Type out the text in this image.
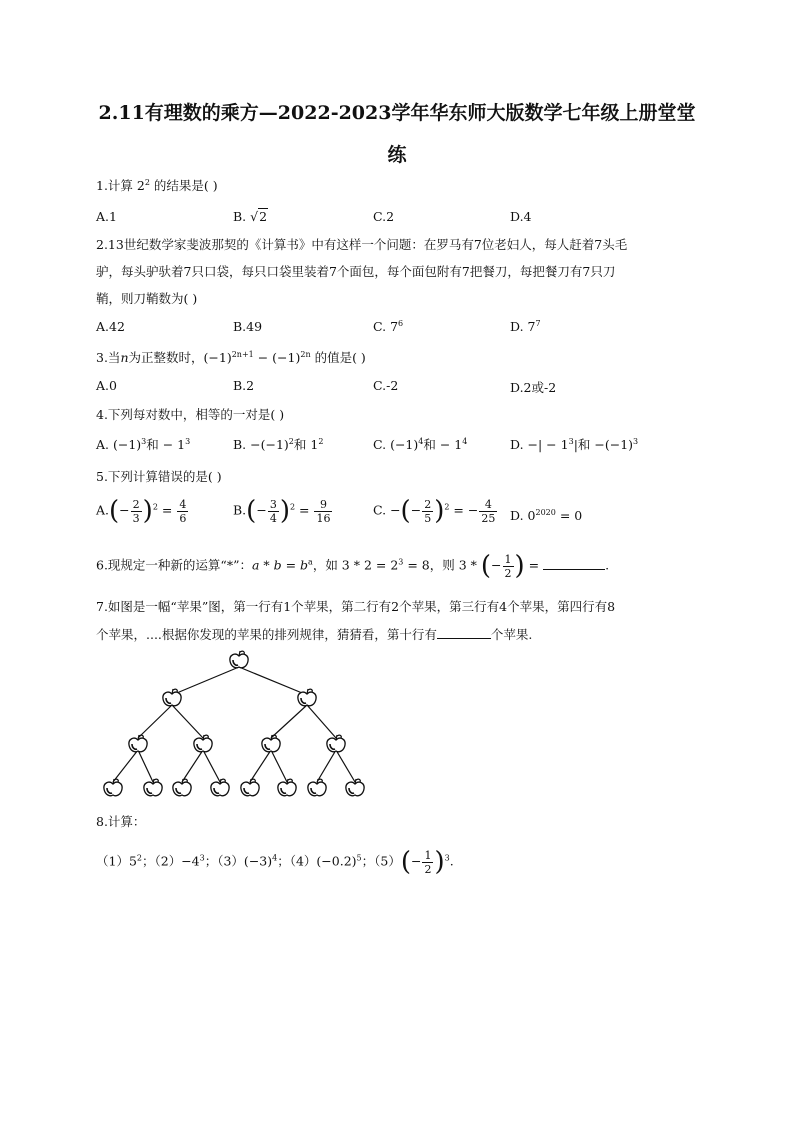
2.11有理数的乘方—2022-2023学年华东师大版数学七年级上册堂堂
练
1.计算 $2^2$ 的结果是( )
A.1	B. √2	C.2	D.4
2.13世纪数学家斐波那契的《计算书》中有这样一个问题：在罗马有7位老妇人，每人赶着7头毛
驴，每头驴驮着7只口袋，每只口袋里装着7个面包，每个面包附有7把餐刀，每把餐刀有7只刀
鞘，则刀鞘数为( )
A.42	B.49	C. $7^6$	D. $7^7$
3.当n为正整数时，$(-1)^{2n+1} - (-1)^{2n}$ 的值是( )
A.0	B.2	C.-2	D.2或-2
4.下列每对数中，相等的一对是( )
A. $(-1)^3$和 − $1^3$	B. $-(-1)^2$和 $1^2$	C. $(-1)^4$和 − $1^4$	D. −| − $1^3|$和 $-(-1)^3$
5.下列计算错误的是( )
$A.(- \frac{2}{3} )^2 = \frac{4}{6}$	$B.(- \frac{3}{4} )^2 = \frac{9}{16}$	C. −(− $\frac{2}{5} )^2$ = − $\frac{4}{25} D$. $0^{2020} = 0$
6.现规定一种新的运算“*”：$a * b = b^a$，如 $3 * 2 = 2^3 = 8$，则 3 * (− $\frac{1}{2}$ ) =	.
7.如图是一幅“苹果”图，第一行有1个苹果，第二行有2个苹果，第三行有4个苹果，第四行有8
个苹果，....根据你发现的苹果的排列规律，猜猜看，第十行有	个苹果.
8.计算：
$(1)5^2$；$(2)-4^3$；$(3)(-3)^4$；$(4)(-0.2)^5$；$(5)(- \frac{1}{2} )^3$.
